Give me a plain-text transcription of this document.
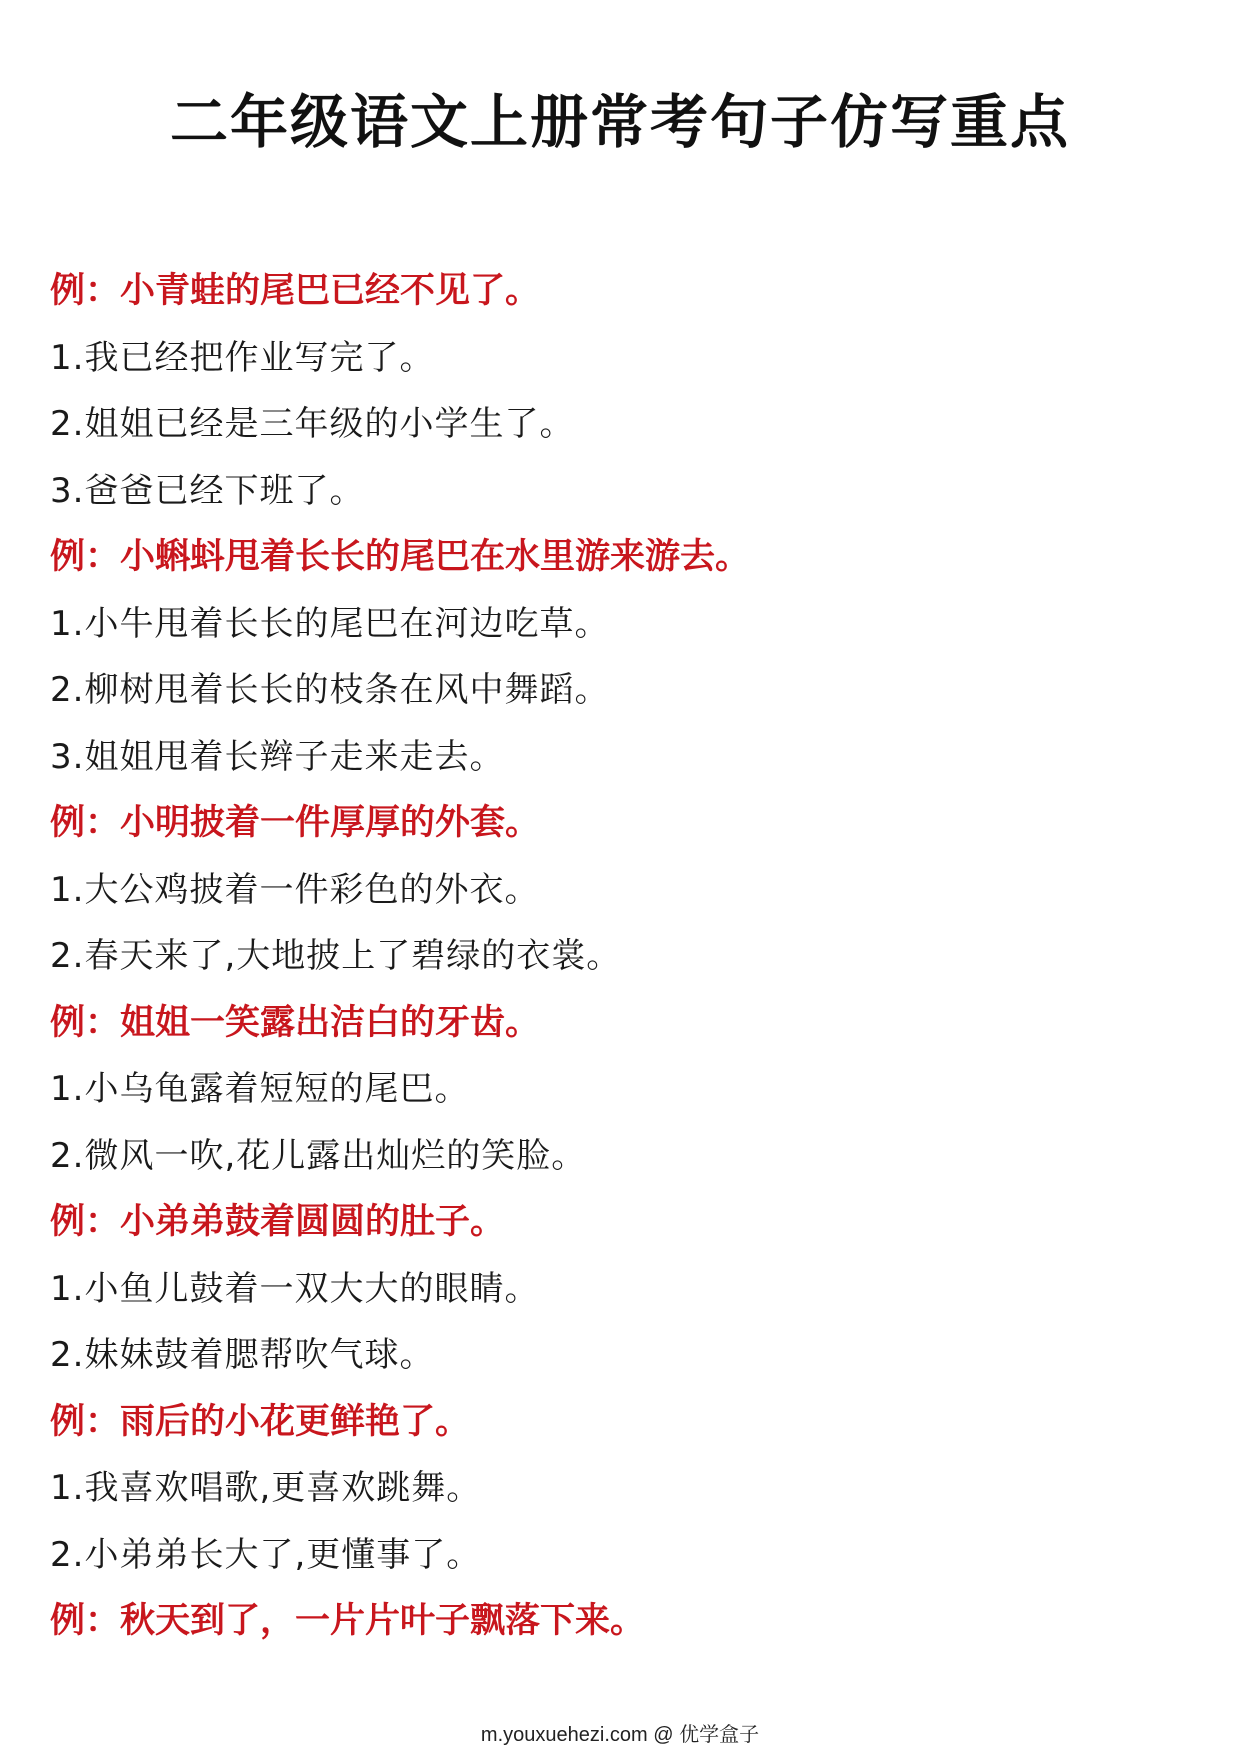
二年级语文上册常考句子仿写重点
例：小青蛙的尾巴已经不见了。
1.我已经把作业写完了。
2.姐姐已经是三年级的小学生了。
3.爸爸已经下班了。
例：小蝌蚪甩着长长的尾巴在水里游来游去。
1.小牛甩着长长的尾巴在河边吃草。
2.柳树甩着长长的枝条在风中舞蹈。
3.姐姐甩着长辫子走来走去。
例：小明披着一件厚厚的外套。
1.大公鸡披着一件彩色的外衣。
2.春天来了,大地披上了碧绿的衣裳。
例：姐姐一笑露出洁白的牙齿。
1.小乌龟露着短短的尾巴。
2.微风一吹,花儿露出灿烂的笑脸。
例：小弟弟鼓着圆圆的肚子。
1.小鱼儿鼓着一双大大的眼睛。
2.妹妹鼓着腮帮吹气球。
例：雨后的小花更鲜艳了。
1.我喜欢唱歌,更喜欢跳舞。
2.小弟弟长大了,更懂事了。
例：秋天到了，一片片叶子飘落下来。
m.youxuehezi.com @ 优学盒子
